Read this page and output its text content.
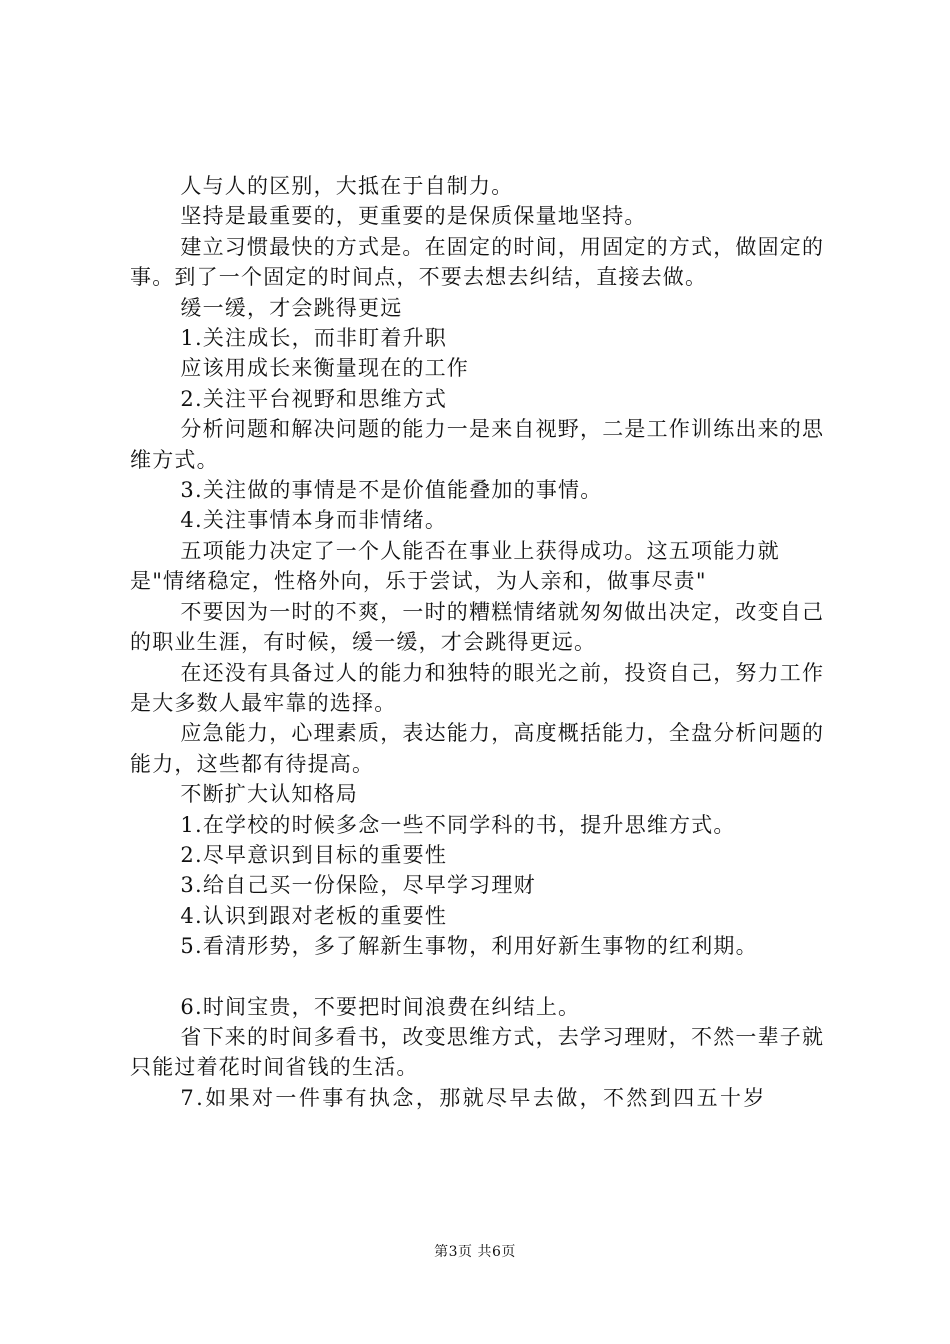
人与人的区别，大抵在于自制力。

坚持是最重要的，更重要的是保质保量地坚持。

建立习惯最快的方式是。在固定的时间，用固定的方式，做固定的事。到了一个固定的时间点，不要去想去纠结，直接去做。

缓一缓，才会跳得更远

1.关注成长，而非盯着升职

应该用成长来衡量现在的工作

2.关注平台视野和思维方式

分析问题和解决问题的能力一是来自视野，二是工作训练出来的思维方式。

3.关注做的事情是不是价值能叠加的事情。

4.关注事情本身而非情绪。

五项能力决定了一个人能否在事业上获得成功。这五项能力就是"情绪稳定，性格外向，乐于尝试，为人亲和，做事尽责"

不要因为一时的不爽，一时的糟糕情绪就匆匆做出决定，改变自己的职业生涯，有时候，缓一缓，才会跳得更远。

在还没有具备过人的能力和独特的眼光之前，投资自己，努力工作是大多数人最牢靠的选择。

应急能力，心理素质，表达能力，高度概括能力，全盘分析问题的能力，这些都有待提高。

不断扩大认知格局

1.在学校的时候多念一些不同学科的书，提升思维方式。

2.尽早意识到目标的重要性

3.给自己买一份保险，尽早学习理财

4.认识到跟对老板的重要性

5.看清形势，多了解新生事物，利用好新生事物的红利期。

6.时间宝贵，不要把时间浪费在纠结上。

省下来的时间多看书，改变思维方式，去学习理财，不然一辈子就只能过着花时间省钱的生活。

7.如果对一件事有执念，那就尽早去做，不然到四五十岁

第3页 共6页
